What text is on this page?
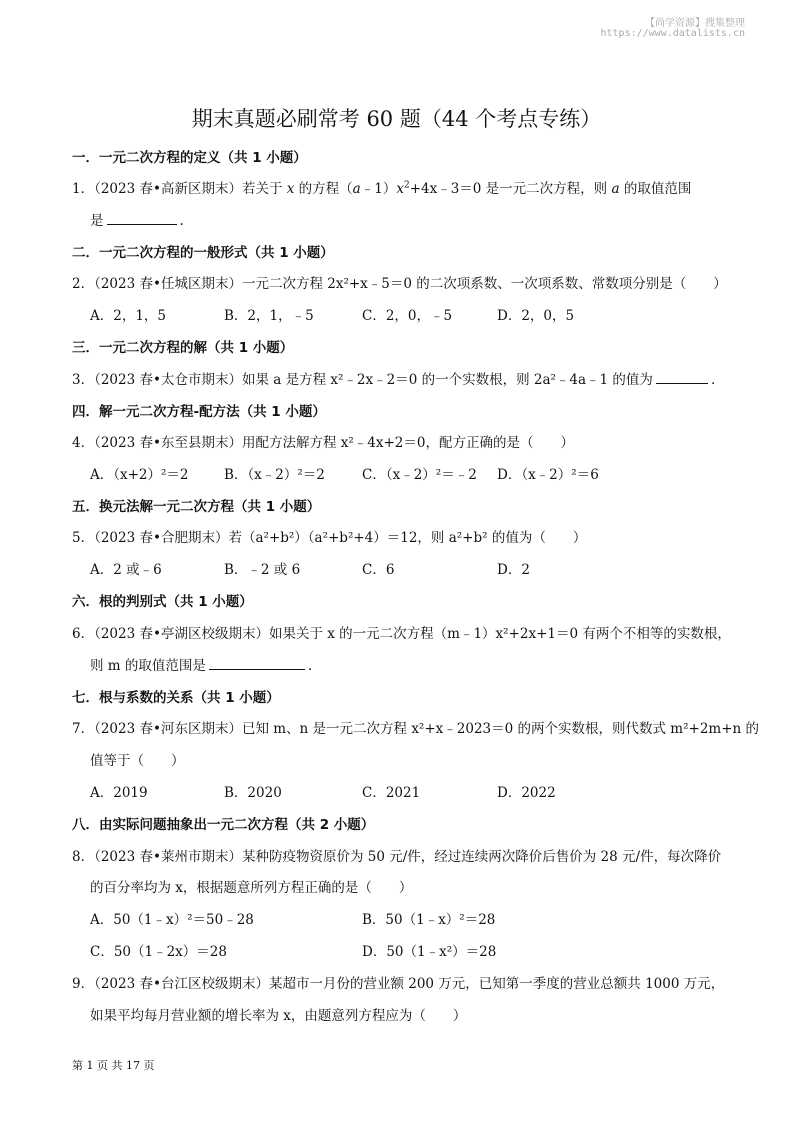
【尚学资源】搜集整理
https://www.datalists.cn
期末真题必刷常考 60 题（44 个考点专练）
一．一元二次方程的定义（共 1 小题）
1．（2023 春•高新区期末）若关于 x 的方程$(a﹣1)x^2+4x﹣3=0$ 是一元二次方程，则 a 的取值范围
是	.
二．一元二次方程的一般形式（共 1 小题）
2．（2023 春•任城区期末）一元二次方程 2x²+x﹣5＝0 的二次项系数、一次项系数、常数项分别是（　　）
A．2，1，5	B．2，1，﹣5	C．2，0，﹣5	D．2，0，5
三．一元二次方程的解（共 1 小题）
3．（2023 春•太仓市期末）如果 a 是方程 x²﹣2x﹣2＝0 的一个实数根，则 2a²﹣4a﹣1 的值为	.
四．解一元二次方程-配方法（共 1 小题）
4．（2023 春•东至县期末）用配方法解方程 x²﹣4x+2＝0，配方正确的是（　　）
A．（x+2）²＝2	B．（x﹣2）²＝2	C．（x﹣2）²＝﹣2 D．（x﹣2）²＝6
五．换元法解一元二次方程（共 1 小题）
5．（2023 春•合肥期末）若（a²+b²）（a²+b²+4）＝12，则 a²+b² 的值为（　　）
A．2 或﹣6	B．﹣2 或 6	C．6	D．2
六．根的判别式（共 1 小题）
6．（2023 春•亭湖区校级期末）如果关于 x 的一元二次方程（m﹣1）x²+2x+1＝0 有两个不相等的实数根，
则 m 的取值范围是	.
七．根与系数的关系（共 1 小题）
7．（2023 春•河东区期末）已知 m、n 是一元二次方程 x²+x﹣2023＝0 的两个实数根，则代数式 m²+2m+n 的
值等于（　　）
A．2019	B．2020	C．2021	D．2022
八．由实际问题抽象出一元二次方程（共 2 小题）
8．（2023 春•莱州市期末）某种防疫物资原价为 50 元/件，经过连续两次降价后售价为 28 元/件，每次降价
的百分率均为 x，根据题意所列方程正确的是（　　）
A．50（1﹣x）²＝50﹣28	B．50（1﹣x）²＝28
C．50（1﹣2x）＝28	D．50（1﹣x²）＝28
9．（2023 春•台江区校级期末）某超市一月份的营业额 200 万元，已知第一季度的营业总额共 1000 万元，
如果平均每月营业额的增长率为 x，由题意列方程应为（　　）
第 1 页 共 17 页
